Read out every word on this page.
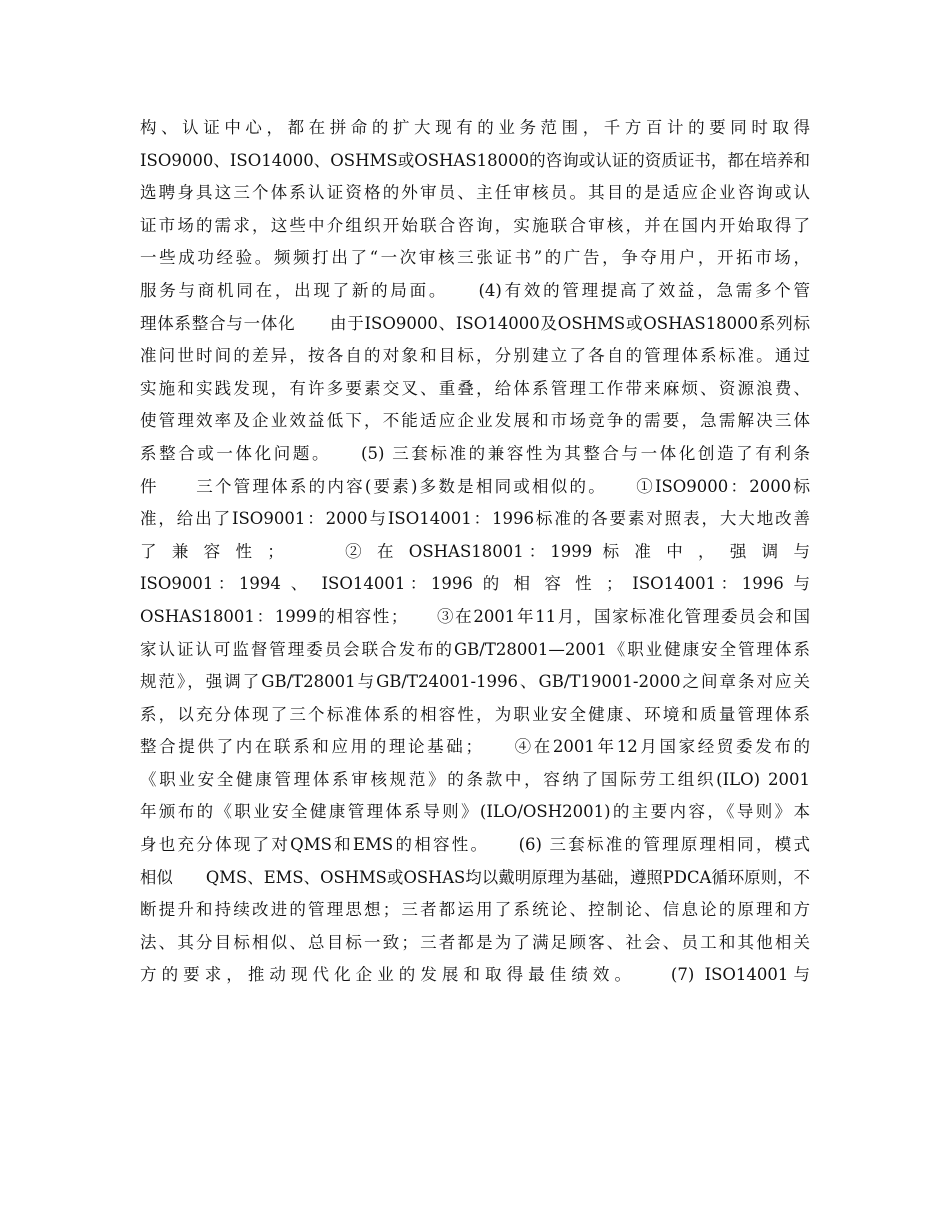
构、认证中心，都在拼命的扩大现有的业务范围，千方百计的要同时取得
ISO9000、ISO14000、OSHMS或OSHAS18000的咨询或认证的资质证书，都在培养和
选聘身具这三个体系认证资格的外审员、主任审核员。其目的是适应企业咨询或认
证市场的需求，这些中介组织开始联合咨询，实施联合审核，并在国内开始取得了
一些成功经验。频频打出了“一次审核三张证书”的广告，争夺用户，开拓市场，
服务与商机同在，出现了新的局面。　　(4)有效的管理提高了效益，急需多个管
理体系整合与一体化　　由于ISO9000、ISO14000及OSHMS或OSHAS18000系列标
准问世时间的差异，按各自的对象和目标，分别建立了各自的管理体系标准。通过
实施和实践发现，有许多要素交叉、重叠，给体系管理工作带来麻烦、资源浪费、
使管理效率及企业效益低下，不能适应企业发展和市场竞争的需要，急需解决三体
系整合或一体化问题。　　(5) 三套标准的兼容性为其整合与一体化创造了有利条
件　　三个管理体系的内容(要素)多数是相同或相似的。　　①ISO9000：2000标
准，给出了ISO9001：2000与ISO14001：1996标准的各要素对照表，大大地改善
了 兼 容 性 ；　　　② 在 OSHAS18001：1999 标 准 中 ， 强 调 与
ISO9001：1994 、 ISO14001：1996 的 相 容 性 ； ISO14001：1996 与
OSHAS18001：1999的相容性；　　③在2001年11月，国家标准化管理委员会和国
家认证认可监督管理委员会联合发布的GB/T28001—2001《职业健康安全管理体系
规范》，强调了GB/T28001与GB/T24001-1996、GB/T19001-2000之间章条对应关
系，以充分体现了三个标准体系的相容性，为职业安全健康、环境和质量管理体系
整合提供了内在联系和应用的理论基础；　　④在2001年12月国家经贸委发布的
《职业安全健康管理体系审核规范》的条款中，容纳了国际劳工组织(ILO) 2001
年颁布的《职业安全健康管理体系导则》(ILO/OSH2001)的主要内容，《导则》本
身也充分体现了对QMS和EMS的相容性。　　(6) 三套标准的管理原理相同，模式
相似　　QMS、EMS、OSHMS或OSHAS均以戴明原理为基础，遵照PDCA循环原则，不
断提升和持续改进的管理思想；三者都运用了系统论、控制论、信息论的原理和方
法、其分目标相似、总目标一致；三者都是为了满足顾客、社会、员工和其他相关
方的要求，推动现代化企业的发展和取得最佳绩效。　　(7) ISO14001与
